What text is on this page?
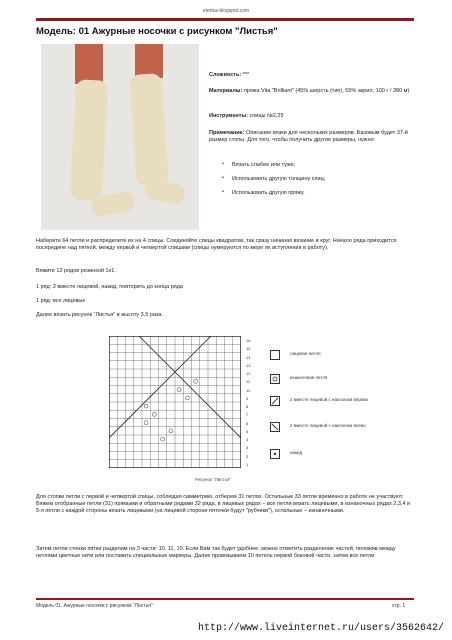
elenka-blogspot.com
Модель: 01 Ажурные носочки с рисунком "Листья"
Сложность: ***
Материалы: пряжа Vita "Brilliant" (45% шерсть (тип), 55% акрил, 100 г / 380 м)
Инструменты: спицы №2,25
Примечание: Описание вязки для нескольких размеров. Базовым будет 37-й размер стопы. Для того, чтобы получить другие размеры, нужно:
• Вязать слабее или туже;
• Использовать другую толщину спиц;
• Использовать другую пряжу.
Наберите 64 петли и распределите их на 4 спицы. Соединяйте спицы квадратом, так сразу начиная вязание в круг. Начало ряда приходится посередине над пяткой, между первой и четвертой спицами (спицы нумеруются по мере их вступления в работу).
Вяжите 12 рядов резинкой 1х1.
1 ряд: 2 вместе лицевой, накид, повторить до конца ряда
1 ряд: все лицевые
Далее вязать рисунок "Листья" в высоту 3,5 раза.
16
15
14
13
12
11
10
9
8
7
6
5
4
3
2
1
Рисунок "Листья"
лицевая петля
изнаночная петля
2 вместе лицевой с наклоном вправо
2 вместе лицевой с наклоном влево
накид
Для стопки петли с первой и четвертой спицы, соблюдая симметрию, отберем 31 петлю. Остальные 33 петли временно в работе не участвуют. Вяжем отобранные петли (31) прямыми и обратными рядами 32 ряда, в лицевых рядах – все петли вязать лицевыми, в изнаночных рядах 2,3,4 и 5-я петли с каждой стороны вязать лицевыми (на лицевой стороне пяточки будут "рубчики"), остальные – изнаночными.
Затем петли стенки пятки разделим на 3 части: 10, 11, 10. Если Вам так будет удобнее, можно отметить разделение частей, положив между петлями цветные нити или поставить специальные маркеры. Далее провязываем 10 петель первой боковой части, затем все петли
Модель 01. Ажурные носочки с рисунком "Листья"	стр. 1
http://www.liveinternet.ru/users/3562642/
